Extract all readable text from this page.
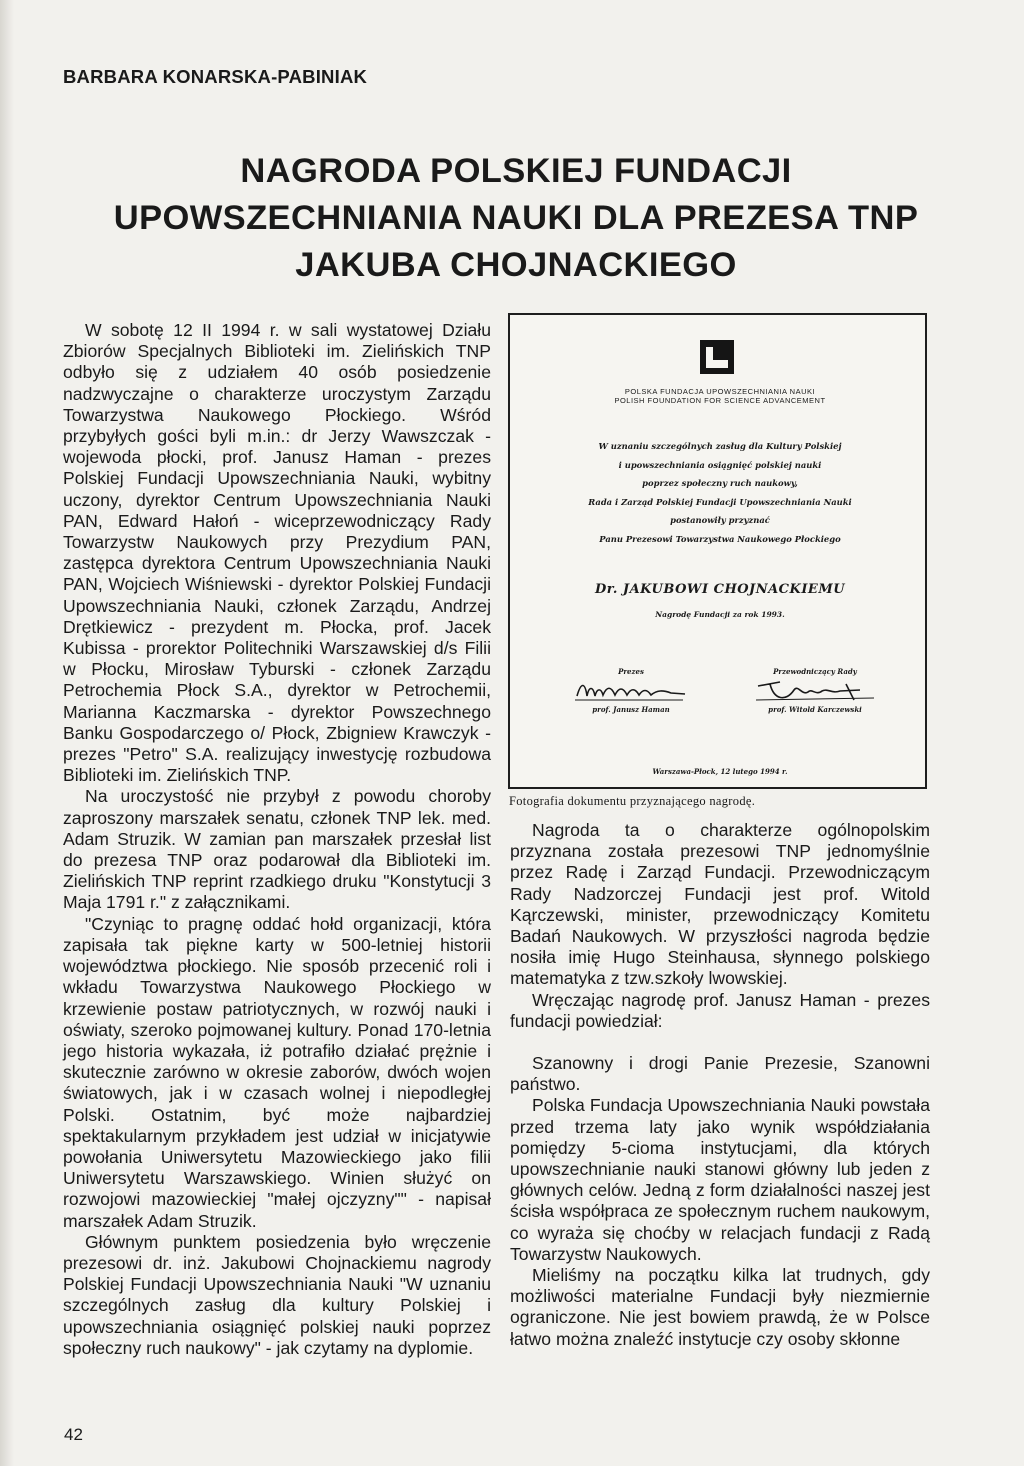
BARBARA KONARSKA-PABINIAK
NAGRODA POLSKIEJ FUNDACJI
UPOWSZECHNIANIA NAUKI DLA PREZESA TNP
JAKUBA CHOJNACKIEGO

W sobotę 12 II 1994 r. w sali wystatowej Działu Zbiorów Specjalnych Biblioteki im. Zielińskich TNP odbyło się z udziałem 40 osób posiedzenie nadzwyczajne o charakterze uroczystym Zarządu Towarzystwa Naukowego Płockiego. Wśród przybyłych gości byli m.in.: dr Jerzy Wawszczak - wojewoda płocki, prof. Janusz Haman - prezes Polskiej Fundacji Upowszechniania Nauki, wybitny uczony, dyrektor Centrum Upowszechniania Nauki PAN, Edward Hałoń - wiceprzewodniczący Rady Towarzystw Naukowych przy Prezydium PAN, zastępca dyrektora Centrum Upowszechniania Nauki PAN, Wojciech Wiśniewski - dyrektor Polskiej Fundacji Upowszechniania Nauki, członek Zarządu, Andrzej Drętkiewicz - prezydent m. Płocka, prof. Jacek Kubissa - prorektor Politechniki Warszawskiej d/s Filii w Płocku, Mirosław Tyburski - członek Zarządu Petrochemia Płock S.A., dyrektor w Petrochemii, Marianna Kaczmarska - dyrektor Powszechnego Banku Gospodarczego o/ Płock, Zbigniew Krawczyk - prezes "Petro" S.A. realizujący inwestycję rozbudowa Biblioteki im. Zielińskich TNP.

Na uroczystość nie przybył z powodu choroby zaproszony marszałek senatu, członek TNP lek. med. Adam Struzik. W zamian pan marszałek przesłał list do prezesa TNP oraz podarował dla Biblioteki im. Zielińskich TNP reprint rzadkiego druku "Konstytucji 3 Maja 1791 r." z załącznikami.

"Czyniąc to pragnę oddać hołd organizacji, która zapisała tak piękne karty w 500-letniej historii województwa płockiego. Nie sposób przecenić roli i wkładu Towarzystwa Naukowego Płockiego w krzewienie postaw patriotycznych, w rozwój nauki i oświaty, szeroko pojmowanej kultury. Ponad 170-letnia jego historia wykazała, iż potrafiło działać prężnie i skutecznie zarówno w okresie zaborów, dwóch wojen światowych, jak i w czasach wolnej i niepodległej Polski. Ostatnim, być może najbardziej spektakularnym przykładem jest udział w inicjatywie powołania Uniwersytetu Mazowieckiego jako filii Uniwersytetu Warszawskiego. Winien służyć on rozwojowi mazowieckiej "małej ojczyzny"" - napisał marszałek Adam Struzik.

Głównym punktem posiedzenia było wręczenie prezesowi dr. inż. Jakubowi Chojnackiemu nagrody Polskiej Fundacji Upowszechniania Nauki "W uznaniu szczególnych zasług dla kultury Polskiej i upowszechniania osiągnięć polskiej nauki poprzez społeczny ruch naukowy" - jak czytamy na dyplomie.

POLSKA FUNDACJA UPOWSZECHNIANIA NAUKI
POLISH FOUNDATION FOR SCIENCE ADVANCEMENT
W uznaniu szczególnych zasług dla Kultury Polskiej
i upowszechniania osiągnięć polskiej nauki
poprzez społeczny ruch naukowy,
Rada i Zarząd Polskiej Fundacji Upowszechniania Nauki
postanowiły przyznać
Panu Prezesowi Towarzystwa Naukowego Płockiego
Dr. JAKUBOWI CHOJNACKIEMU
Nagrodę Fundacji za rok 1993.
Prezes
prof. Janusz Haman
Przewodniczący Rady
prof. Witold Karczewski
Warszawa-Płock, 12 lutego 1994 r.
Fotografia dokumentu przyznającego nagrodę.

Nagroda ta o charakterze ogólnopolskim przyznana została prezesowi TNP jednomyślnie przez Radę i Zarząd Fundacji. Przewodniczącym Rady Nadzorczej Fundacji jest prof. Witold Kąrczewski, minister, przewodniczący Komitetu Badań Naukowych. W przyszłości nagroda będzie nosiła imię Hugo Steinhausa, słynnego polskiego matematyka z tzw.szkoły lwowskiej.

Wręczając nagrodę prof. Janusz Haman - prezes fundacji powiedział:

Szanowny i drogi Panie Prezesie, Szanowni państwo.

Polska Fundacja Upowszechniania Nauki powstała przed trzema laty jako wynik współdziałania pomiędzy 5-cioma instytucjami, dla których upowszechnianie nauki stanowi główny lub jeden z głównych celów. Jedną z form działalności naszej jest ścisła współpraca ze społecznym ruchem naukowym, co wyraża się choćby w relacjach fundacji z Radą Towarzystw Naukowych.

Mieliśmy na początku kilka lat trudnych, gdy możliwości materialne Fundacji były niezmiernie ograniczone. Nie jest bowiem prawdą, że w Polsce łatwo można znaleźć instytucje czy osoby skłonne

42
